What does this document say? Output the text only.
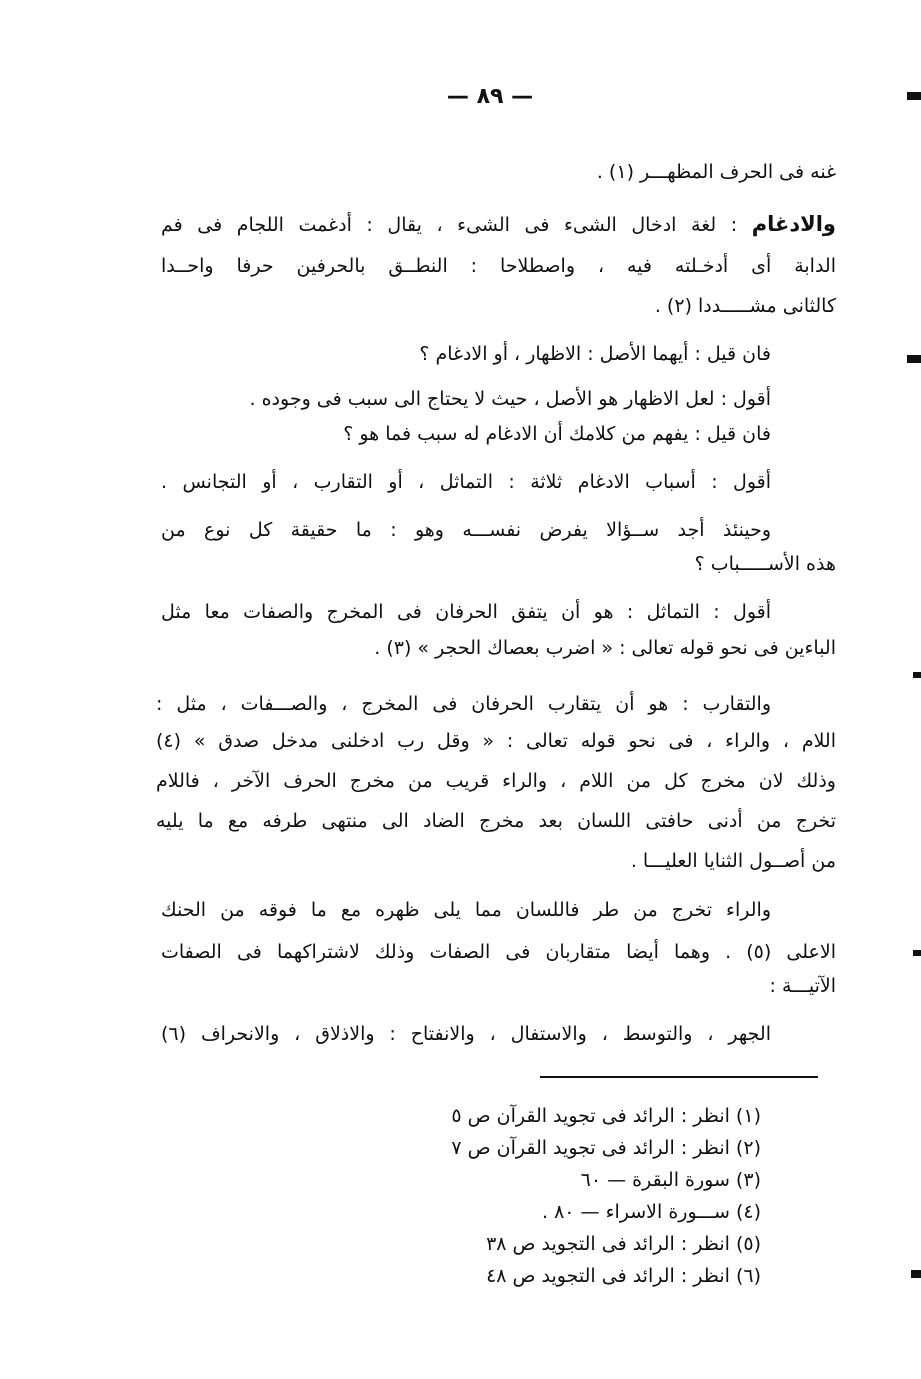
— ٨٩ —
غنه فى الحرف المظهـــر (١) .
والادغام : لغة ادخال الشىء فى الشىء ، يقال : أدغمت اللجام فى فم
الدابة أى أدخـلته فيه ، واصطلاحا : النطــق بالحرفين حرفا واحــدا
كالثانى مشـــــددا (٢) .
فان قيل : أيهما الأصل : الاظهار ، أو الادغام ؟
أقول : لعل الاظهار هو الأصل ، حيث لا يحتاج الى سبب فى وجوده .
فان قيل : يفهم من كلامك أن الادغام له سبب فما هو ؟
أقول : أسباب الادغام ثلاثة : التماثل ، أو التقارب ، أو التجانس .
وحينئذ أجد ســؤالا يفرض نفســـه وهو : ما حقيقة كل نوع من
هذه الأســـــباب ؟
أقول : التماثل : هو أن يتفق الحرفان فى المخرج والصفات معا مثل
الباءين فى نحو قوله تعالى : « اضرب بعصاك الحجر » (٣) .
والتقارب : هو أن يتقارب الحرفان فى المخرج ، والصـــفات ، مثل :
اللام ، والراء ، فى نحو قوله تعالى : « وقل رب ادخلنى مدخل صدق » (٤)
وذلك لان مخرج كل من اللام ، والراء قريب من مخرج الحرف الآخر ، فاللام
تخرج من أدنى حافتى اللسان بعد مخرج الضاد الى منتهى طرفه مع ما يليه
من أصــول الثنايا العليـــا .
والراء تخرج من طر فاللسان مما يلى ظهره مع ما فوقه من الحنك
الاعلى (٥) . وهما أيضا متقاربان فى الصفات وذلك لاشتراكهما فى الصفات
الآتيـــة :
الجهر ، والتوسط ، والاستفال ، والانفتاح : والاذلاق ، والانحراف (٦)
(١) انظر : الرائد فى تجويد القرآن ص ٥
(٢) انظر : الرائد فى تجويد القرآن ص ٧
(٣) سورة البقرة — ٦٠
(٤) ســـورة الاسراء — ٨٠ .
(٥) انظر : الرائد فى التجويد ص ٣٨
(٦) انظر : الرائد فى التجويد ص ٤٨
